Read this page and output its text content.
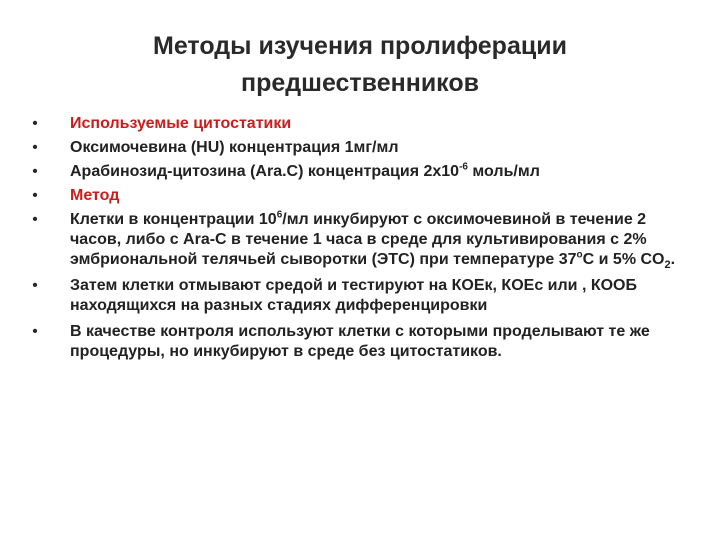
Методы изучения пролиферации
предшественников
• Используемые цитостатики
• Оксимочевина (HU) концентрация 1мг/мл
• Арабинозид-цитозина (Ara.C) концентрация $2х10^{-6}$ моль/мл
• Метод
• Клетки в концентрации $10^6/мл$ инкубируют с оксимочевиной в течение 2 часов, либо с Ara-C в течение 1 часа в среде для культивирования с 2% эмбриональной телячьей сыворотки (ЭТС) при температуре $37^оС$ и 5% $CO_2$.
• Затем клетки отмывают средой и тестируют на КОЕк, КОЕс или , КООБ находящихся на разных стадиях дифференцировки
• В качестве контроля используют клетки с которыми проделывают те же процедуры, но инкубируют в среде без цитостатиков.
